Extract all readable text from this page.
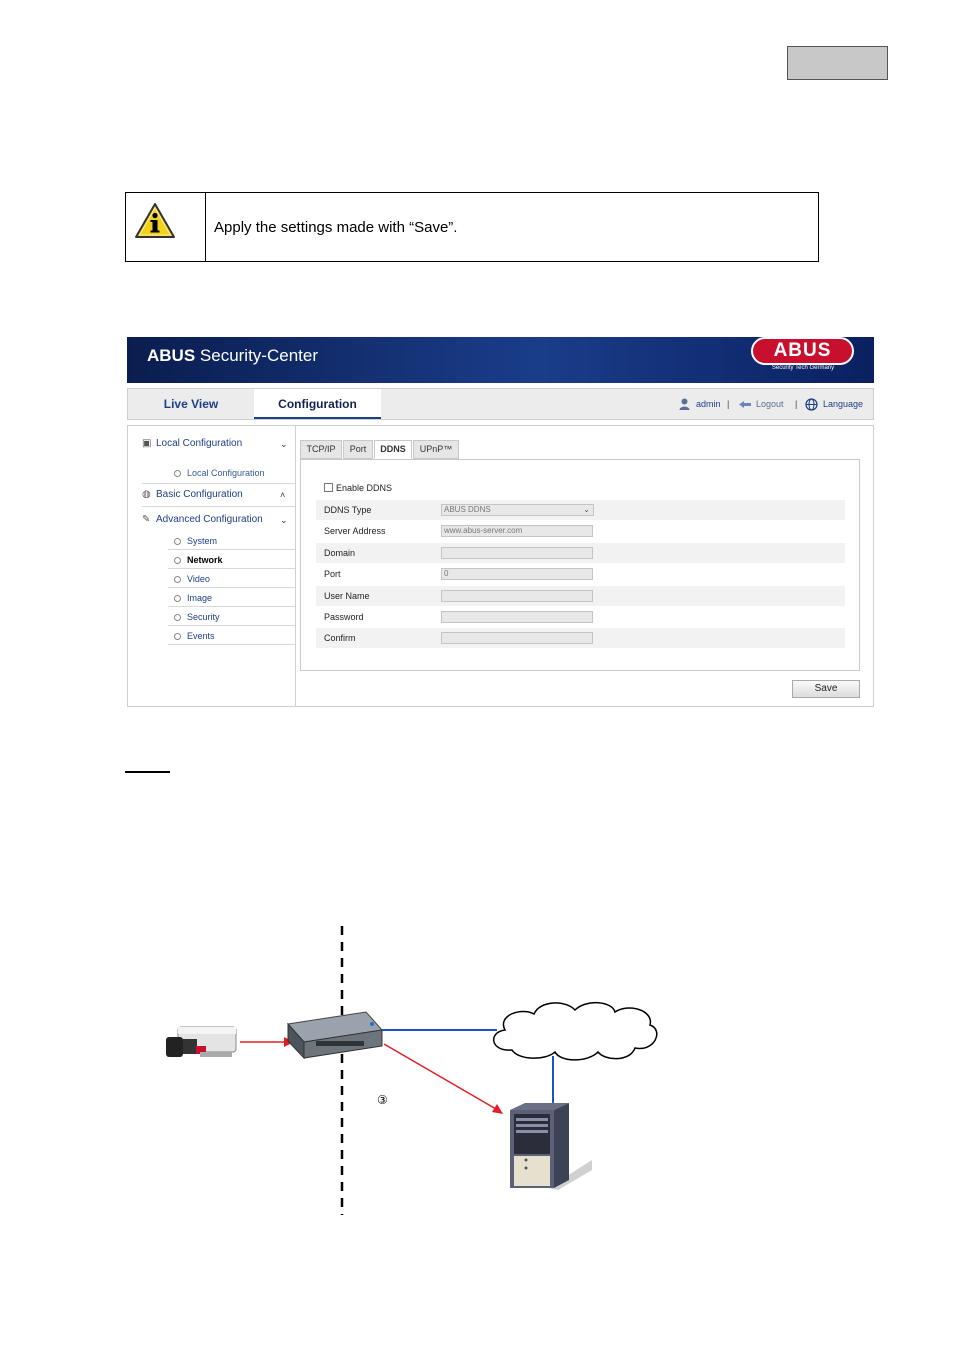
Apply the settings made with “Save”.
ABUS Security-Center	ABUS
Security Tech Germany
Live View	Configuration	admin |	Logout |	Language
▣ Local Configuration	⌄
Local Configuration
◍ Basic Configuration	˄
✎ Advanced Configuration ⌄
System
Network
Video
Image
Security
Events
TCP/IP	Port	DDNS	UPnP™
Enable DDNS
DDNS Type	ABUS DDNS	⌄
Server Address	www.abus-server.com
Domain
Port	0
User Name
Password
Confirm
Save
③
